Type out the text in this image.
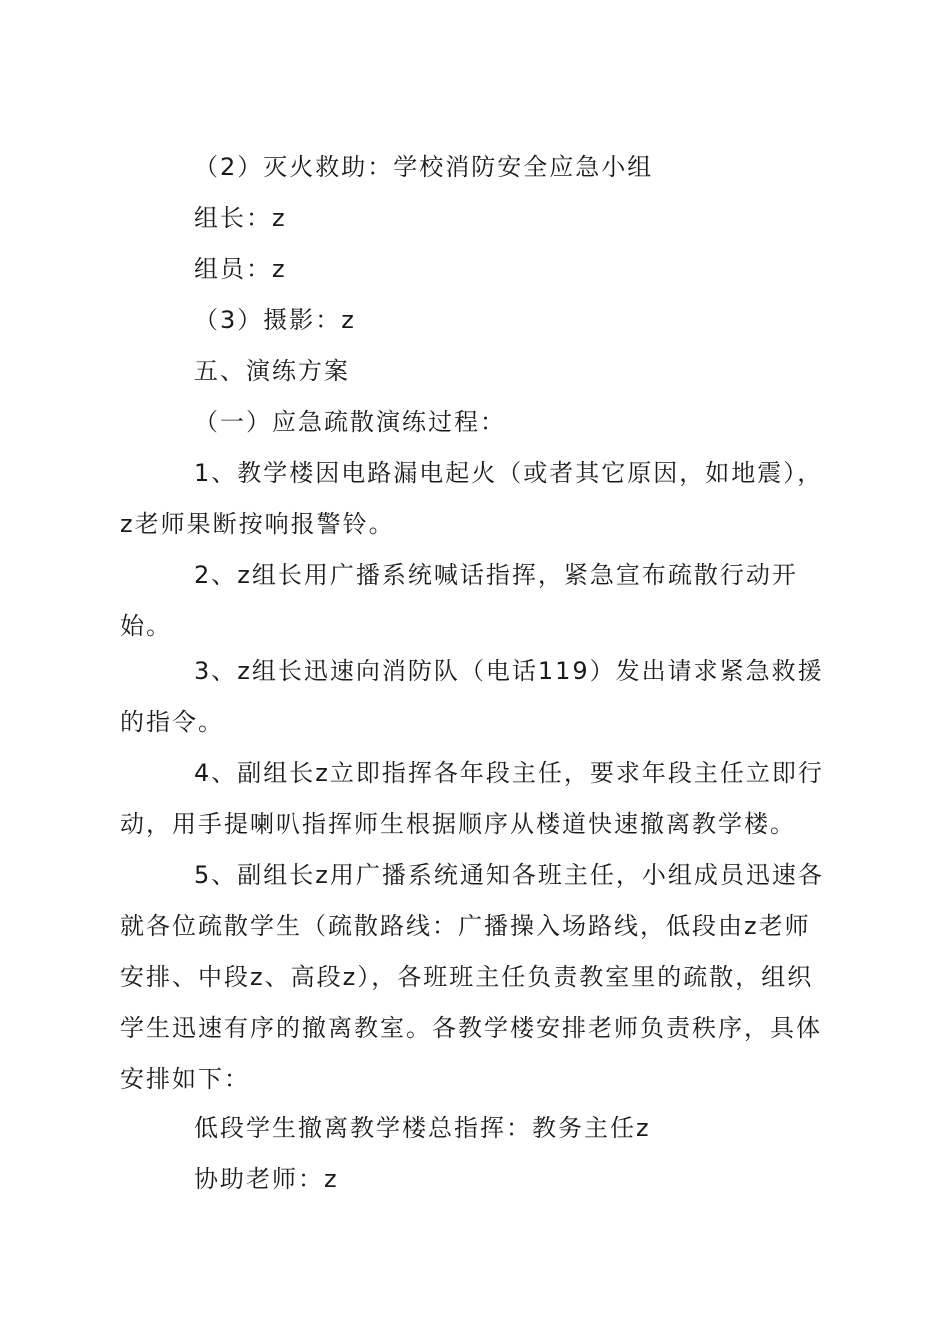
（2）灭火救助：学校消防安全应急小组

组长：z

组员：z

（3）摄影：z

五、演练方案

（一）应急疏散演练过程：

1、教学楼因电路漏电起火（或者其它原因，如地震），z老师果断按响报警铃。

2、z组长用广播系统喊话指挥，紧急宣布疏散行动开始。

3、z组长迅速向消防队（电话119）发出请求紧急救援的指令。

4、副组长z立即指挥各年段主任，要求年段主任立即行动，用手提喇叭指挥师生根据顺序从楼道快速撤离教学楼。

5、副组长z用广播系统通知各班主任，小组成员迅速各就各位疏散学生（疏散路线：广播操入场路线，低段由z老师安排、中段z、高段z），各班班主任负责教室里的疏散，组织学生迅速有序的撤离教室。各教学楼安排老师负责秩序，具体安排如下：

低段学生撤离教学楼总指挥：教务主任z

协助老师：z
